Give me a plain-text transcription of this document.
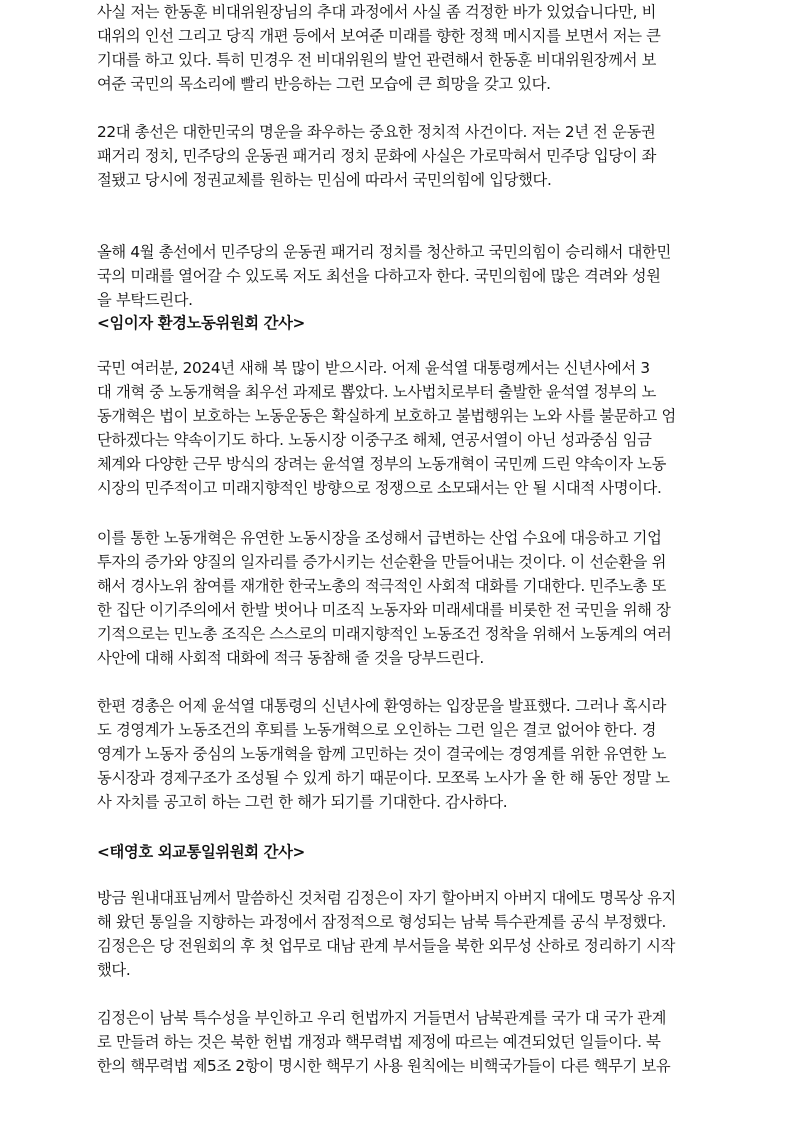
사실 저는 한동훈 비대위원장님의 추대 과정에서 사실 좀 걱정한 바가 있었습니다만, 비
대위의 인선 그리고 당직 개편 등에서 보여준 미래를 향한 정책 메시지를 보면서 저는 큰
기대를 하고 있다. 특히 민경우 전 비대위원의 발언 관련해서 한동훈 비대위원장께서 보
여준 국민의 목소리에 빨리 반응하는 그런 모습에 큰 희망을 갖고 있다.
22대 총선은 대한민국의 명운을 좌우하는 중요한 정치적 사건이다. 저는 2년 전 운동권
패거리 정치, 민주당의 운동권 패거리 정치 문화에 사실은 가로막혀서 민주당 입당이 좌
절됐고 당시에 정권교체를 원하는 민심에 따라서 국민의힘에 입당했다.
올해 4월 총선에서 민주당의 운동권 패거리 정치를 청산하고 국민의힘이 승리해서 대한민
국의 미래를 열어갈 수 있도록 저도 최선을 다하고자 한다. 국민의힘에 많은 격려와 성원
을 부탁드린다.
<임이자 환경노동위원회 간사>
국민 여러분, 2024년 새해 복 많이 받으시라. 어제 윤석열 대통령께서는 신년사에서 3
대 개혁 중 노동개혁을 최우선 과제로 뽑았다. 노사법치로부터 출발한 윤석열 정부의 노
동개혁은 법이 보호하는 노동운동은 확실하게 보호하고 불법행위는 노와 사를 불문하고 엄
단하겠다는 약속이기도 하다. 노동시장 이중구조 해체, 연공서열이 아닌 성과중심 임금
체계와 다양한 근무 방식의 장려는 윤석열 정부의 노동개혁이 국민께 드린 약속이자 노동
시장의 민주적이고 미래지향적인 방향으로 정쟁으로 소모돼서는 안 될 시대적 사명이다.
이를 통한 노동개혁은 유연한 노동시장을 조성해서 급변하는 산업 수요에 대응하고 기업
투자의 증가와 양질의 일자리를 증가시키는 선순환을 만들어내는 것이다. 이 선순환을 위
해서 경사노위 참여를 재개한 한국노총의 적극적인 사회적 대화를 기대한다. 민주노총 또
한 집단 이기주의에서 한발 벗어나 미조직 노동자와 미래세대를 비롯한 전 국민을 위해 장
기적으로는 민노총 조직은 스스로의 미래지향적인 노동조건 정착을 위해서 노동계의 여러
사안에 대해 사회적 대화에 적극 동참해 줄 것을 당부드린다.
한편 경총은 어제 윤석열 대통령의 신년사에 환영하는 입장문을 발표했다. 그러나 혹시라
도 경영계가 노동조건의 후퇴를 노동개혁으로 오인하는 그런 일은 결코 없어야 한다. 경
영계가 노동자 중심의 노동개혁을 함께 고민하는 것이 결국에는 경영계를 위한 유연한 노
동시장과 경제구조가 조성될 수 있게 하기 때문이다. 모쪼록 노사가 올 한 해 동안 정말 노
사 자치를 공고히 하는 그런 한 해가 되기를 기대한다. 감사하다.
<태영호 외교통일위원회 간사>
방금 원내대표님께서 말씀하신 것처럼 김정은이 자기 할아버지 아버지 대에도 명목상 유지
해 왔던 통일을 지향하는 과정에서 잠정적으로 형성되는 남북 특수관계를 공식 부정했다.
김정은은 당 전원회의 후 첫 업무로 대남 관계 부서들을 북한 외무성 산하로 정리하기 시작
했다.
김정은이 남북 특수성을 부인하고 우리 헌법까지 거들면서 남북관계를 국가 대 국가 관계
로 만들려 하는 것은 북한 헌법 개정과 핵무력법 제정에 따르는 예견되었던 일들이다. 북
한의 핵무력법 제5조 2항이 명시한 핵무기 사용 원칙에는 비핵국가들이 다른 핵무기 보유
